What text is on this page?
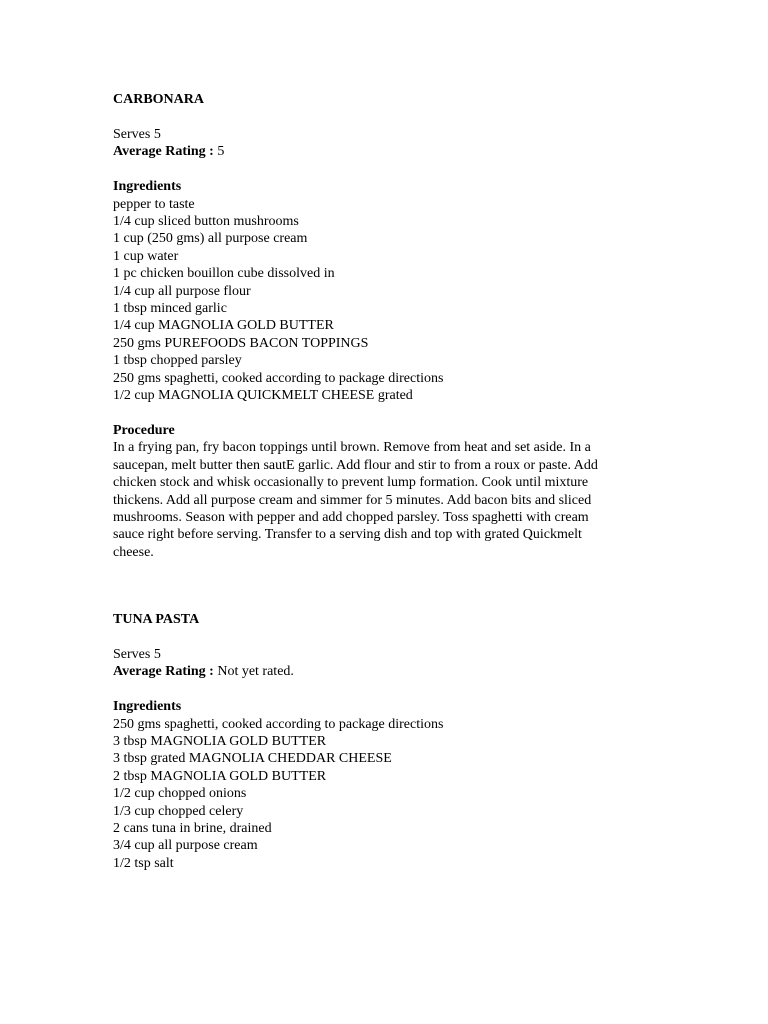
CARBONARA
Serves 5
Average Rating : 5
Ingredients
pepper to taste
1/4 cup sliced button mushrooms
1 cup (250 gms) all purpose cream
1 cup water
1 pc chicken bouillon cube dissolved in
1/4 cup all purpose flour
1 tbsp minced garlic
1/4 cup MAGNOLIA GOLD BUTTER
250 gms PUREFOODS BACON TOPPINGS
1 tbsp chopped parsley
250 gms spaghetti, cooked according to package directions
1/2 cup MAGNOLIA QUICKMELT CHEESE grated
Procedure
In a frying pan, fry bacon toppings until brown. Remove from heat and set aside. In a
saucepan, melt butter then sautE garlic. Add flour and stir to from a roux or paste. Add
chicken stock and whisk occasionally to prevent lump formation. Cook until mixture
thickens. Add all purpose cream and simmer for 5 minutes. Add bacon bits and sliced
mushrooms. Season with pepper and add chopped parsley. Toss spaghetti with cream
sauce right before serving. Transfer to a serving dish and top with grated Quickmelt
cheese.
TUNA PASTA
Serves 5
Average Rating : Not yet rated.
Ingredients
250 gms spaghetti, cooked according to package directions
3 tbsp MAGNOLIA GOLD BUTTER
3 tbsp grated MAGNOLIA CHEDDAR CHEESE
2 tbsp MAGNOLIA GOLD BUTTER
1/2 cup chopped onions
1/3 cup chopped celery
2 cans tuna in brine, drained
3/4 cup all purpose cream
1/2 tsp salt
